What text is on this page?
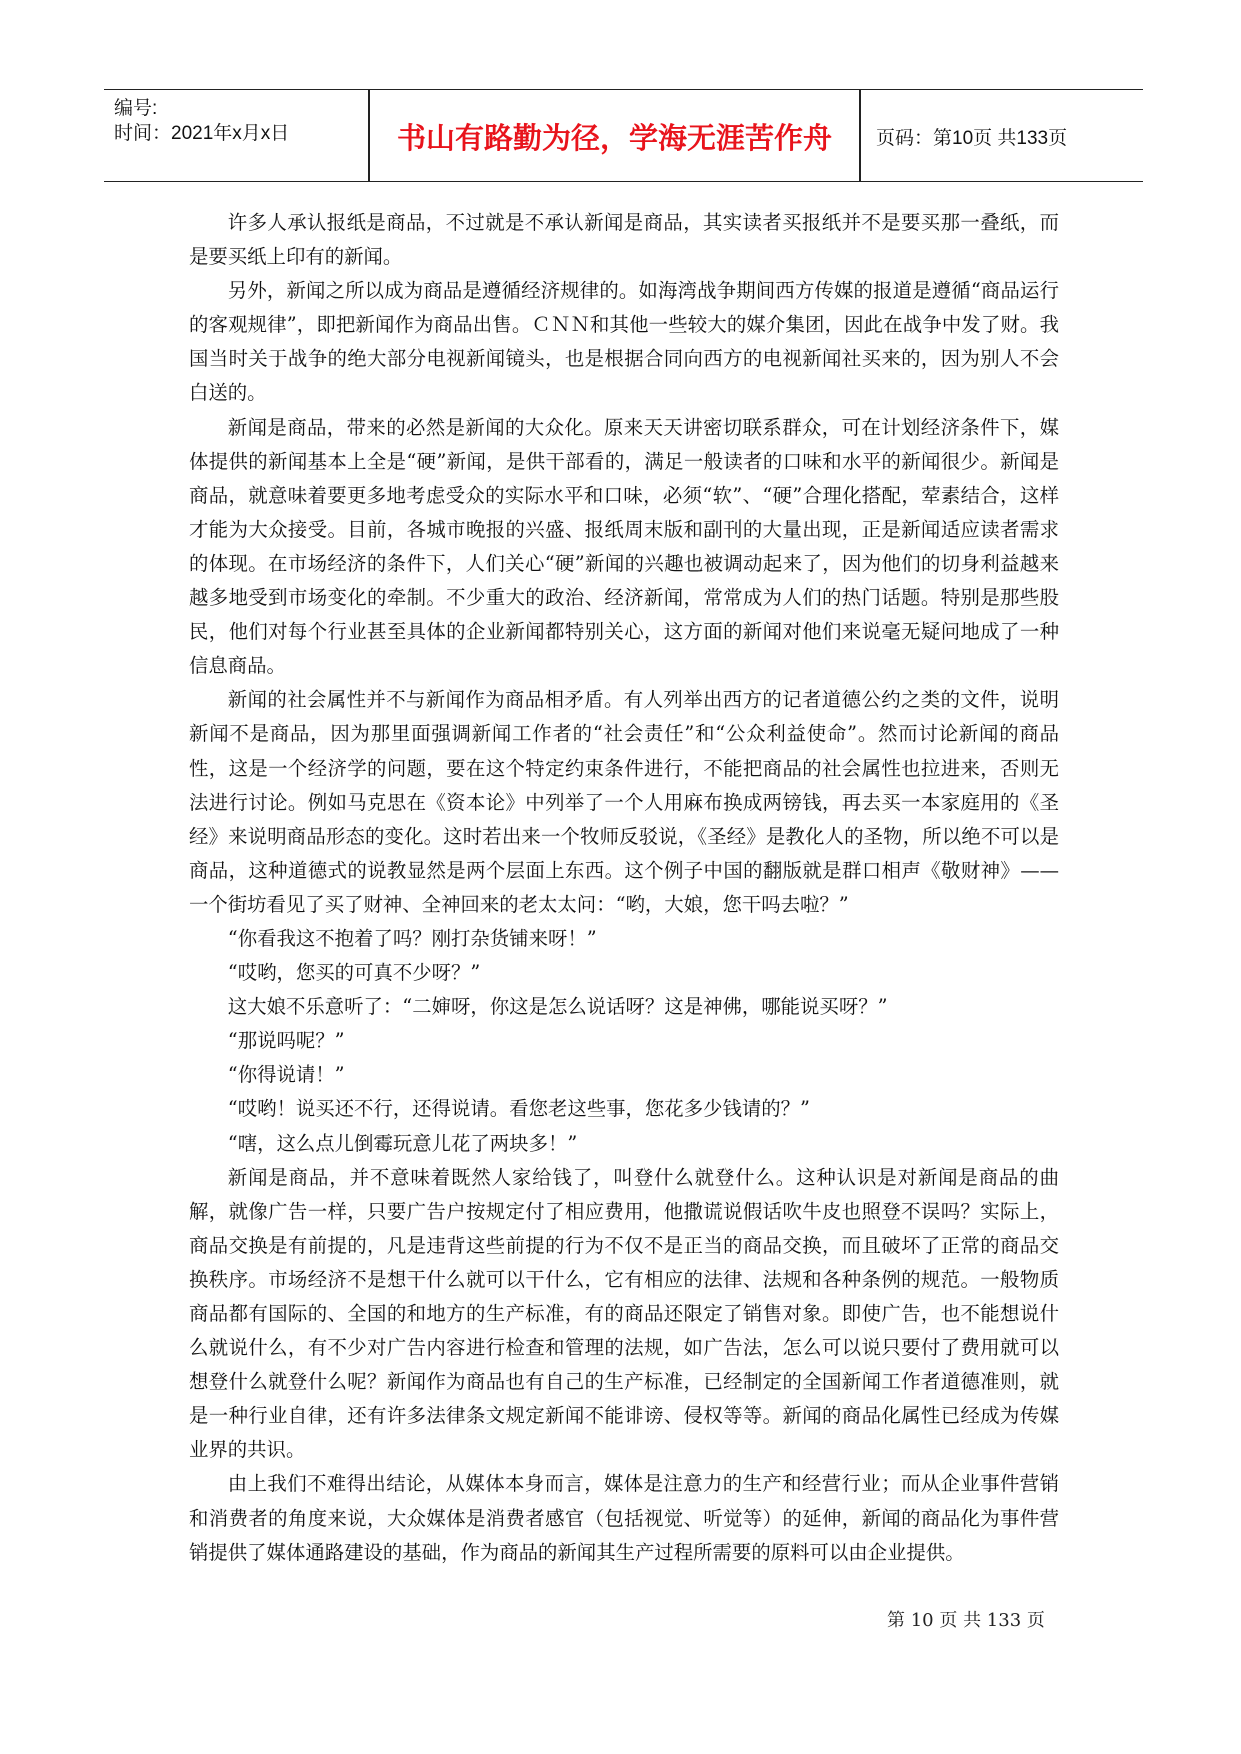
编号:
时间：2021年x月x日	书山有路勤为径，学海无涯苦作舟	页码：第10页 共133页

许多人承认报纸是商品，不过就是不承认新闻是商品，其实读者买报纸并不是要买那一叠纸，而是要买纸上印有的新闻。

另外，新闻之所以成为商品是遵循经济规律的。如海湾战争期间西方传媒的报道是遵循“商品运行的客观规律”，即把新闻作为商品出售。ＣＮＮ和其他一些较大的媒介集团，因此在战争中发了财。我国当时关于战争的绝大部分电视新闻镜头，也是根据合同向西方的电视新闻社买来的，因为别人不会白送的。

新闻是商品，带来的必然是新闻的大众化。原来天天讲密切联系群众，可在计划经济条件下，媒体提供的新闻基本上全是“硬”新闻，是供干部看的，满足一般读者的口味和水平的新闻很少。新闻是商品，就意味着要更多地考虑受众的实际水平和口味，必须“软”、“硬”合理化搭配，荤素结合，这样才能为大众接受。目前，各城市晚报的兴盛、报纸周末版和副刊的大量出现，正是新闻适应读者需求的体现。在市场经济的条件下，人们关心“硬”新闻的兴趣也被调动起来了，因为他们的切身利益越来越多地受到市场变化的牵制。不少重大的政治、经济新闻，常常成为人们的热门话题。特别是那些股民，他们对每个行业甚至具体的企业新闻都特别关心，这方面的新闻对他们来说毫无疑问地成了一种信息商品。

新闻的社会属性并不与新闻作为商品相矛盾。有人列举出西方的记者道德公约之类的文件，说明新闻不是商品，因为那里面强调新闻工作者的“社会责任”和“公众利益使命”。然而讨论新闻的商品性，这是一个经济学的问题，要在这个特定约束条件进行，不能把商品的社会属性也拉进来，否则无法进行讨论。例如马克思在《资本论》中列举了一个人用麻布换成两镑钱，再去买一本家庭用的《圣经》来说明商品形态的变化。这时若出来一个牧师反驳说，《圣经》是教化人的圣物，所以绝不可以是商品，这种道德式的说教显然是两个层面上东西。这个例子中国的翻版就是群口相声《敬财神》——一个街坊看见了买了财神、全神回来的老太太问：“哟，大娘，您干吗去啦？”

“你看我这不抱着了吗？刚打杂货铺来呀！”

“哎哟，您买的可真不少呀？”

这大娘不乐意听了：“二婶呀，你这是怎么说话呀？这是神佛，哪能说买呀？”

“那说吗呢？”

“你得说请！”

“哎哟！说买还不行，还得说请。看您老这些事，您花多少钱请的？”

“嗐，这么点儿倒霉玩意儿花了两块多！”

新闻是商品，并不意味着既然人家给钱了，叫登什么就登什么。这种认识是对新闻是商品的曲解，就像广告一样，只要广告户按规定付了相应费用，他撒谎说假话吹牛皮也照登不误吗？实际上，商品交换是有前提的，凡是违背这些前提的行为不仅不是正当的商品交换，而且破坏了正常的商品交换秩序。市场经济不是想干什么就可以干什么，它有相应的法律、法规和各种条例的规范。一般物质商品都有国际的、全国的和地方的生产标准，有的商品还限定了销售对象。即使广告，也不能想说什么就说什么，有不少对广告内容进行检查和管理的法规，如广告法，怎么可以说只要付了费用就可以想登什么就登什么呢？新闻作为商品也有自己的生产标准，已经制定的全国新闻工作者道德准则，就是一种行业自律，还有许多法律条文规定新闻不能诽谤、侵权等等。新闻的商品化属性已经成为传媒业界的共识。

由上我们不难得出结论，从媒体本身而言，媒体是注意力的生产和经营行业；而从企业事件营销和消费者的角度来说，大众媒体是消费者感官（包括视觉、听觉等）的延伸，新闻的商品化为事件营销提供了媒体通路建设的基础，作为商品的新闻其生产过程所需要的原料可以由企业提供。

第 10 页 共 133 页
